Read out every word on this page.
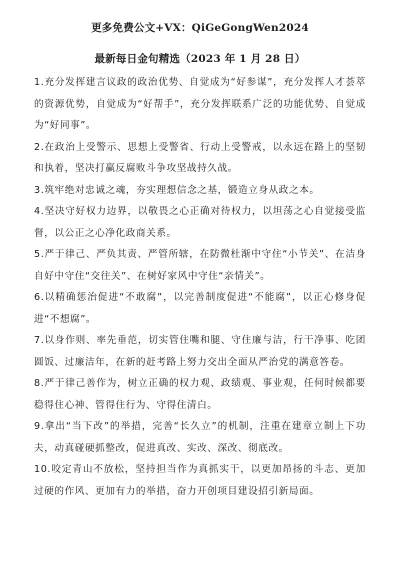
更多免费公文+VX：QiGeGongWen2024

最新每日金句精选（2023 年 1 月 28 日）

1.充分发挥建言议政的政治优势、自觉成为“好参谋”，充分发挥人才荟萃的资源优势，自觉成为“好帮手”，充分发挥联系广泛的功能优势、自觉成为“好同事”。

2.在政治上受警示、思想上受警省、行动上受警戒，以永远在路上的坚韧和执着，坚决打赢反腐败斗争攻坚战持久战。

3.筑牢绝对忠诚之魂，夯实理想信念之基，锻造立身从政之本。

4.坚决守好权力边界，以敬畏之心正确对待权力，以坦荡之心自觉接受监督，以公正之心净化政商关系。

5.严于律己、严负其责、严管所辖，在防微杜渐中守住“小节关”、在洁身自好中守住“交往关”、在树好家风中守住“亲情关”。

6.以精确惩治促进“不敢腐”，以完善制度促进“不能腐”，以正心修身促进“不想腐”。

7.以身作则、率先垂范，切实管住嘴和腿、守住廉与洁，行干净事、吃团圆饭、过廉洁年，在新的赶考路上努力交出全面从严治党的满意答卷。

8.严于律己善作为，树立正确的权力观、政绩观、事业观，任何时候都要稳得住心神、管得住行为、守得住清白。

9.拿出“当下改”的举措，完善“长久立”的机制，注重在建章立制上下功夫，动真碰硬抓整改，促进真改、实改、深改、彻底改。

10.咬定青山不放松，坚持担当作为真抓实干，以更加昂扬的斗志、更加过硬的作风、更加有力的举措，奋力开创项目建设招引新局面。
